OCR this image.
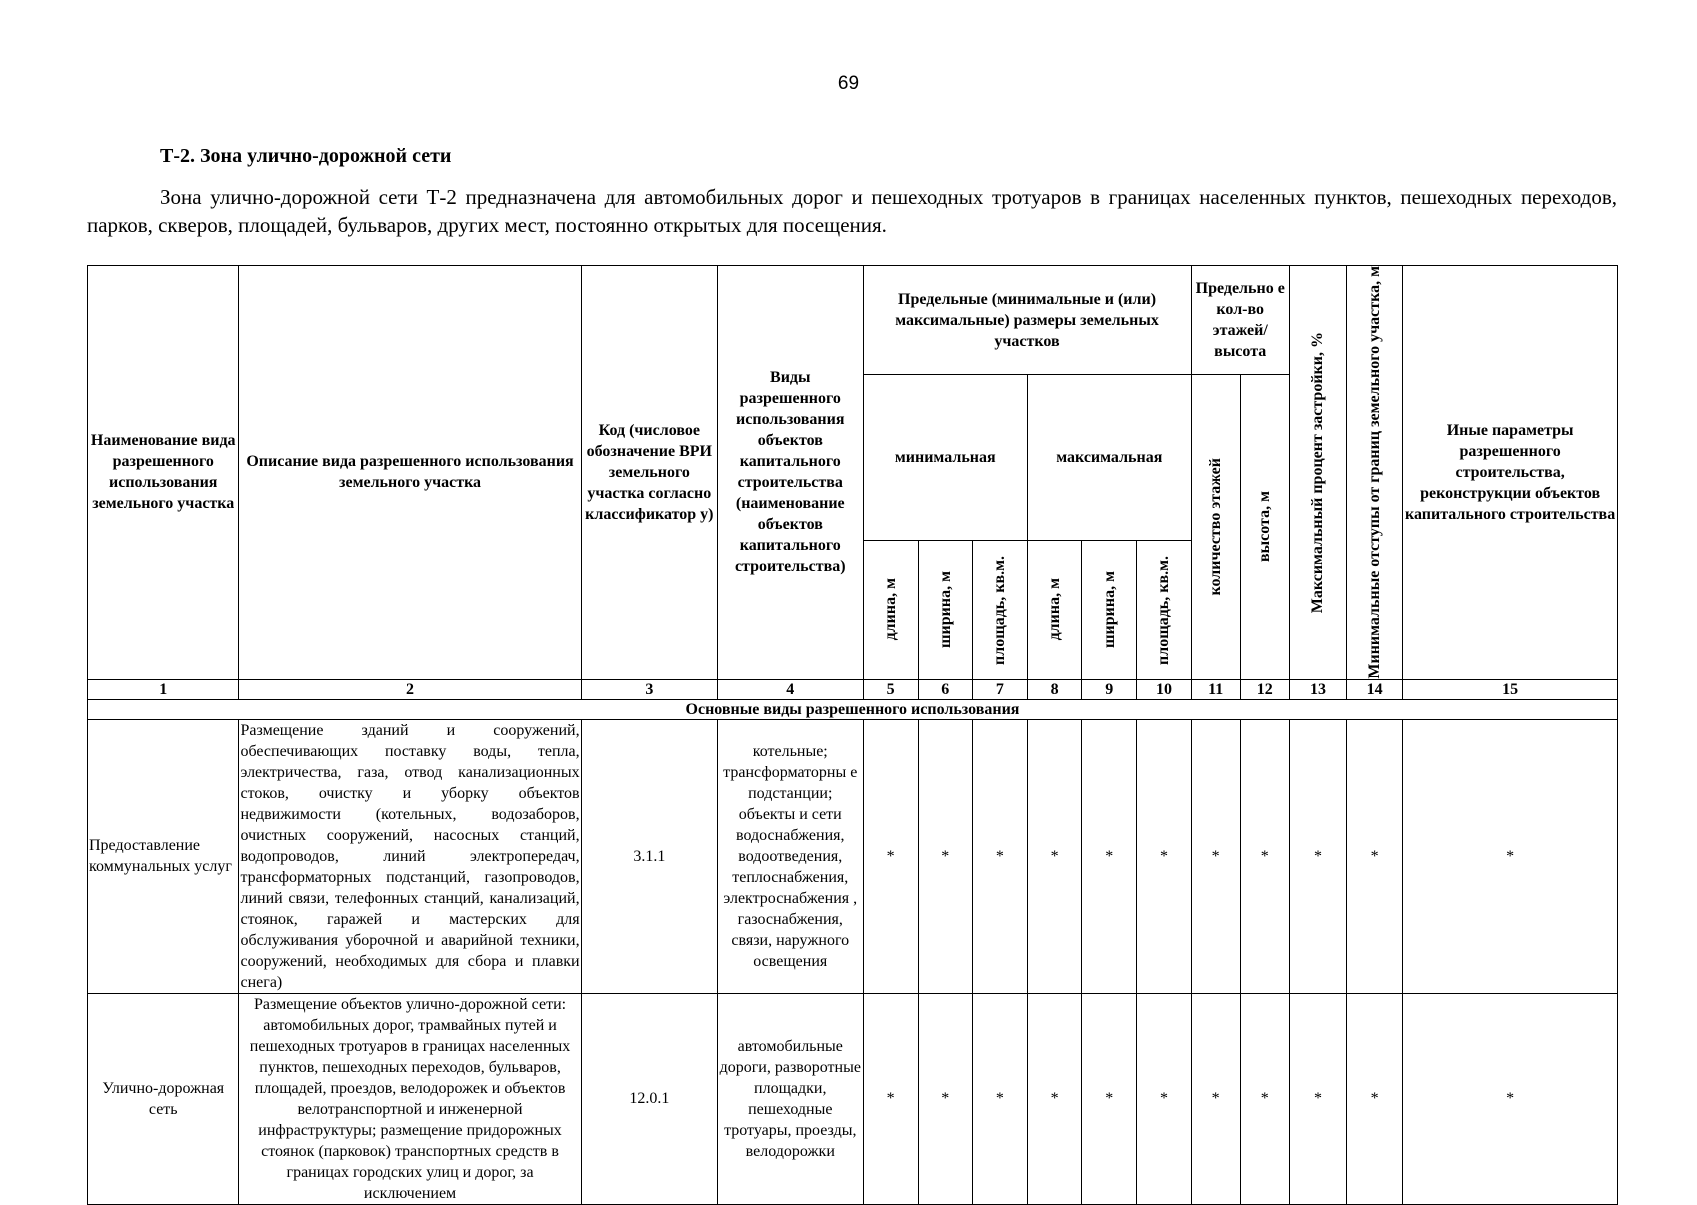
69
Т-2. Зона улично-дорожной сети
Зона улично-дорожной сети Т-2 предназначена для автомобильных дорог и пешеходных тротуаров в границах населенных пунктов, пешеходных переходов, парков, скверов, площадей, бульваров, других мест, постоянно открытых для посещения.
Наименование вида разрешенного использования земельного участка	Описание вида разрешенного использования земельного участка	Код (числовое обозначение ВРИ земельного участка согласно классификатор у)	Виды разрешенного использования объектов капитального строительства (наименование объектов капитального строительства)	Предельные (минимальные и (или) максимальные) размеры земельных участков						Предельно е кол-во этажей/ высота		Максимальный процент застройки, %	Минимальные отступы от границ земельного участка, м	Иные параметры разрешенного строительства, реконструкции объектов капитального строительства
				минимальная			максимальная			количество этажей	высота, м			

				длина, м	ширина, м	площадь, кв.м.	длина, м	ширина, м	площадь, кв.м.					

1	2	3	4	5	6	7	8	9	10	11	12	13	14	15
Основные виды разрешенного использования														
Предоставление коммунальных услуг	Размещение зданий и сооружений, обеспечивающих поставку воды, тепла, электричества, газа, отвод канализационных стоков, очистку и уборку объектов недвижимости (котельных, водозаборов, очистных сооружений, насосных станций, водопроводов, линий электропередач, трансформаторных подстанций, газопроводов, линий связи, телефонных станций, канализаций, стоянок, гаражей и мастерских для обслуживания уборочной и аварийной техники, сооружений, необходимых для сбора и плавки снега)	3.1.1	котельные; трансформаторны е подстанции; объекты и сети водоснабжения, водоотведения, теплоснабжения, электроснабжения , газоснабжения, связи, наружного освещения	*	*	*	*	*	*	*	*	*	*	*
Улично-дорожная сеть	Размещение объектов улично-дорожной сети: автомобильных дорог, трамвайных путей и пешеходных тротуаров в границах населенных пунктов, пешеходных переходов, бульваров, площадей, проездов, велодорожек и объектов велотранспортной и инженерной инфраструктуры; размещение придорожных стоянок (парковок) транспортных средств в границах городских улиц и дорог, за исключением	12.0.1	автомобильные дороги, разворотные площадки, пешеходные тротуары, проезды, велодорожки	*	*	*	*	*	*	*	*	*	*	*
